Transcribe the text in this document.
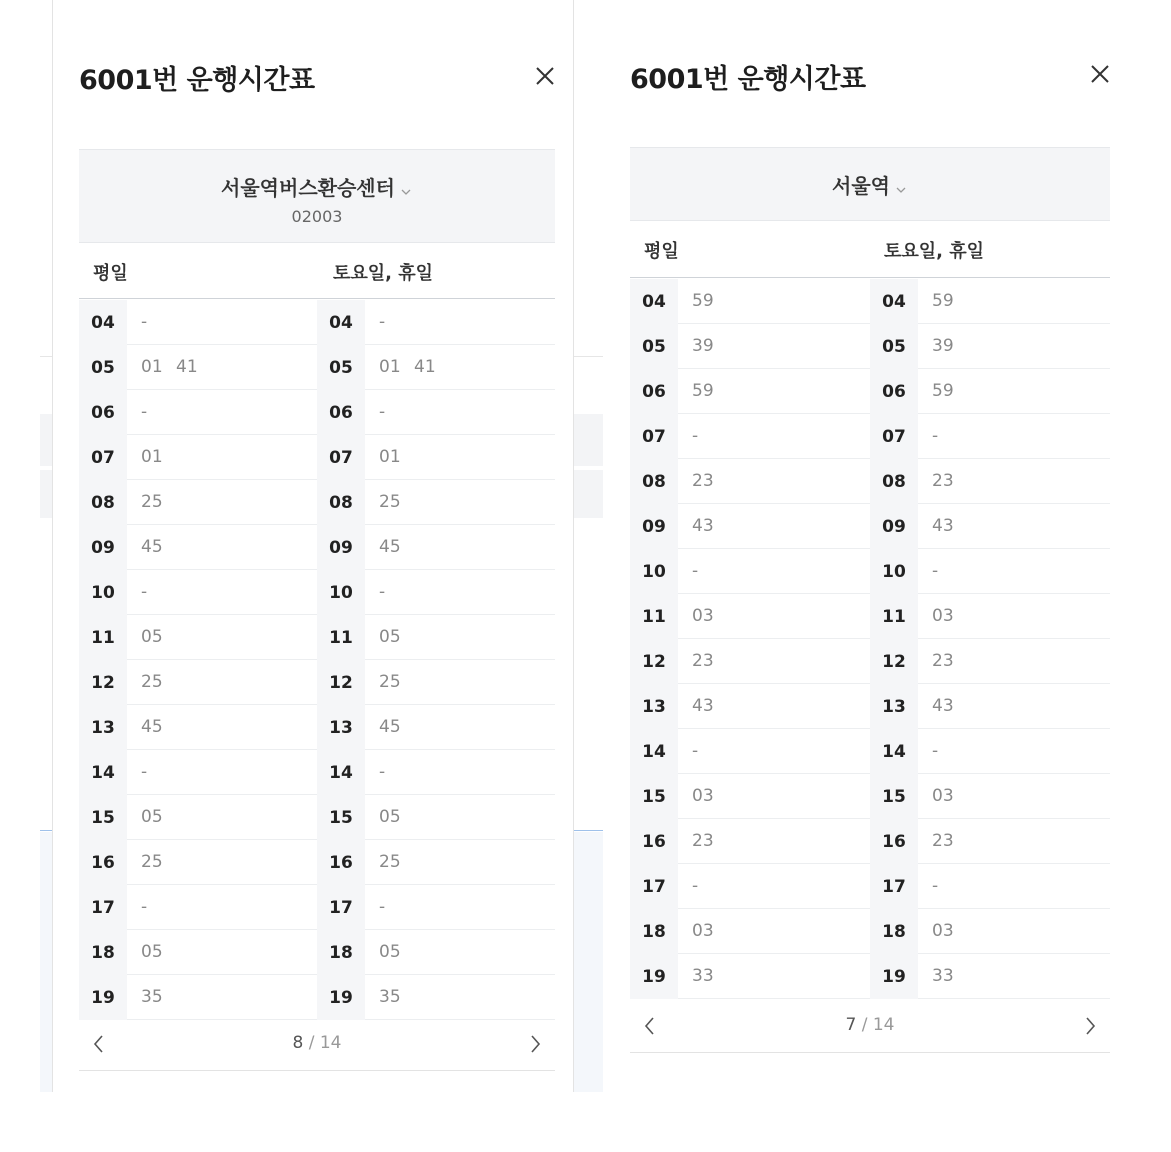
6001번 운행시간표
서울역버스환승센터
02003
평일	토요일, 휴일
04	-	04	-
05	01 41	05	01 41
06	-	06	-
07	01	07	01
08	25	08	25
09	45	09	45
10	-	10	-
11	05	11	05
12	25	12	25
13	45	13	45
14	-	14	-
15	05	15	05
16	25	16	25
17	-	17	-
18	05	18	05
19	35	19	35
8 / 14
6001번 운행시간표
서울역
평일	토요일, 휴일
04	59	04	59
05	39	05	39
06	59	06	59
07	-	07	-
08	23	08	23
09	43	09	43
10	-	10	-
11	03	11	03
12	23	12	23
13	43	13	43
14	-	14	-
15	03	15	03
16	23	16	23
17	-	17	-
18	03	18	03
19	33	19	33
7 / 14
